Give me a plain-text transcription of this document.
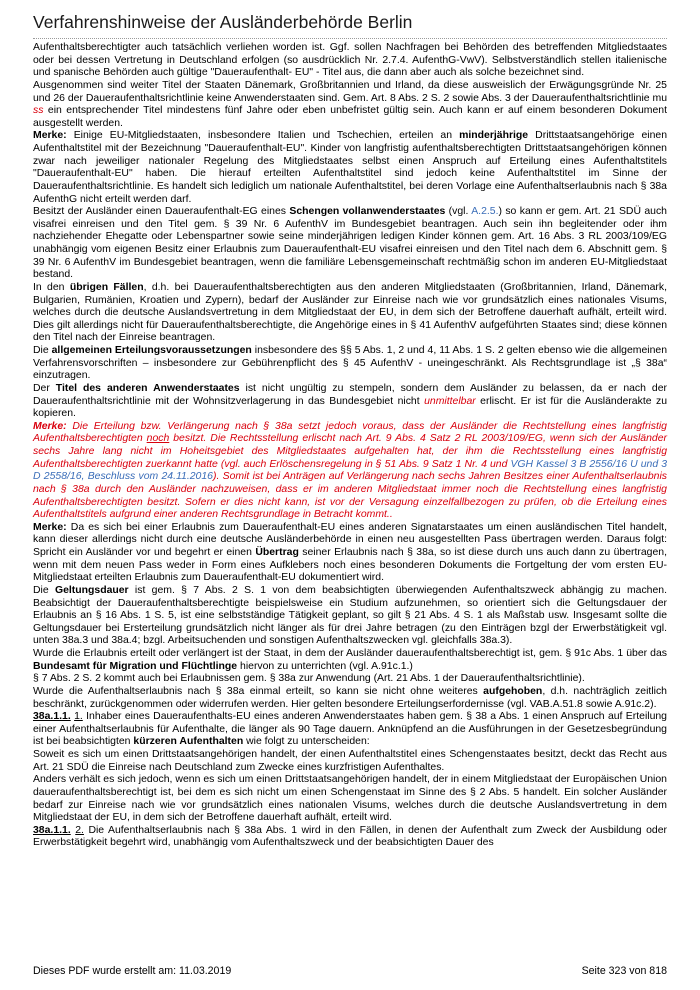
Verfahrenshinweise der Ausländerbehörde Berlin

Aufenthaltsberechtigter auch tatsächlich verliehen worden ist. Ggf. sollen Nachfragen bei Behörden des betreffenden Mitgliedstaates oder bei dessen Vertretung in Deutschland erfolgen (so ausdrücklich Nr. 2.7.4. AufenthG-VwV). Selbstverständlich stellen italienische und spanische Behörden auch gültige "Daueraufenthalt- EU" - Titel aus, die dann aber auch als solche bezeichnet sind.

Ausgenommen sind weiter Titel der Staaten Dänemark, Großbritannien und Irland, da diese ausweislich der Erwägungsgründe Nr. 25 und 26 der Daueraufenthaltsrichtlinie keine Anwenderstaaten sind. Gem. Art. 8 Abs. 2 S. 2 sowie Abs. 3 der Daueraufenthaltsrichtlinie mu ss ein entsprechender Titel mindestens fünf Jahre oder eben unbefristet gültig sein. Auch kann er auf einem besonderen Dokument ausgestellt werden.

Merke: Einige EU-Mitgliedstaaten, insbesondere Italien und Tschechien, erteilen an minderjährige Drittstaatsangehörige einen Aufenthaltstitel mit der Bezeichnung "Daueraufenthalt-EU". Kinder von langfristig aufenthaltsberechtigten Drittstaatsangehörigen können zwar nach jeweiliger nationaler Regelung des Mitgliedstaates selbst einen Anspruch auf Erteilung eines Aufenthaltstitels "Daueraufenthalt-EU" haben. Die hierauf erteilten Aufenthaltstitel sind jedoch keine Aufenthaltstitel im Sinne der Daueraufenthaltsrichtlinie. Es handelt sich lediglich um nationale Aufenthaltstitel, bei deren Vorlage eine Aufenthaltserlaubnis nach § 38a AufenthG nicht erteilt werden darf.

Besitzt der Ausländer einen Daueraufenthalt-EG eines Schengen vollanwenderstaates (vgl. A.2.5.) so kann er gem. Art. 21 SDÜ auch visafrei einreisen und den Titel gem. § 39 Nr. 6 AufenthV im Bundesgebiet beantragen. Auch sein ihn begleitender oder ihm nachziehender Ehegatte oder Lebenspartner sowie seine minderjährigen ledigen Kinder können gem. Art. 16 Abs. 3 RL 2003/109/EG unabhängig vom eigenen Besitz einer Erlaubnis zum Daueraufenthalt-EU visafrei einreisen und den Titel nach dem 6. Abschnitt gem. § 39 Nr. 6 AufenthV im Bundesgebiet beantragen, wenn die familiäre Lebensgemeinschaft rechtmäßig schon im anderen EU-Mitgliedstaat bestand.

In den übrigen Fällen, d.h. bei Daueraufenthaltsberechtigten aus den anderen Mitgliedstaaten (Großbritannien, Irland, Dänemark, Bulgarien, Rumänien, Kroatien und Zypern), bedarf der Ausländer zur Einreise nach wie vor grundsätzlich eines nationales Visums, welches durch die deutsche Auslandsvertretung in dem Mitgliedstaat der EU, in dem sich der Betroffene dauerhaft aufhält, erteilt wird. Dies gilt allerdings nicht für Daueraufenthaltsberechtigte, die Angehörige eines in § 41 AufenthV aufgeführten Staates sind; diese können den Titel nach der Einreise beantragen.

Die allgemeinen Erteilungsvoraussetzungen insbesondere des §§ 5 Abs. 1, 2 und 4, 11 Abs. 1 S. 2 gelten ebenso wie die allgemeinen Verfahrensvorschriften – insbesondere zur Gebührenpflicht des § 45 AufenthV - uneingeschränkt. Als Rechtsgrundlage ist „§ 38a“ einzutragen.

Der Titel des anderen Anwenderstaates ist nicht ungültig zu stempeln, sondern dem Ausländer zu belassen, da er nach der Daueraufenthaltsrichtlinie mit der Wohnsitzverlagerung in das Bundesgebiet nicht unmittelbar erlischt. Er ist für die Ausländerakte zu kopieren.

Merke: Die Erteilung bzw. Verlängerung nach § 38a setzt jedoch voraus, dass der Ausländer die Rechtstellung eines langfristig Aufenthaltsberechtigten noch besitzt. Die Rechtsstellung erlischt nach Art. 9 Abs. 4 Satz 2 RL 2003/109/EG, wenn sich der Ausländer sechs Jahre lang nicht im Hoheitsgebiet des Mitgliedstaates aufgehalten hat, der ihm die Rechtsstellung eines langfristig Aufenthaltsberechtigten zuerkannt hatte (vgl. auch Erlöschensregelung in § 51 Abs. 9 Satz 1 Nr. 4 und VGH Kassel 3 B 2556/16 U und 3 D 2558/16, Beschluss vom 24.11.2016). Somit ist bei Anträgen auf Verlängerung nach sechs Jahren Besitzes einer Aufenthaltserlaubnis nach § 38a durch den Ausländer nachzuweisen, dass er im anderen Mitgliedstaat immer noch die Rechtstellung eines langfristig Aufenthaltsberechtigten besitzt. Sofern er dies nicht kann, ist vor der Versagung einzelfallbezogen zu prüfen, ob die Erteilung eines Aufenthaltstitels aufgrund einer anderen Rechtsgrundlage in Betracht kommt..

Merke: Da es sich bei einer Erlaubnis zum Daueraufenthalt-EU eines anderen Signatarstaates um einen ausländischen Titel handelt, kann dieser allerdings nicht durch eine deutsche Ausländerbehörde in einen neu ausgestellten Pass übertragen werden. Daraus folgt: Spricht ein Ausländer vor und begehrt er einen Übertrag seiner Erlaubnis nach § 38a, so ist diese durch uns auch dann zu übertragen, wenn mit dem neuen Pass weder in Form eines Aufklebers noch eines besonderen Dokuments die Fortgeltung der vom ersten EU-Mitgliedstaat erteilten Erlaubnis zum Daueraufenthalt-EU dokumentiert wird.

Die Geltungsdauer ist gem. § 7 Abs. 2 S. 1 von dem beabsichtigten überwiegenden Aufenthaltszweck abhängig zu machen. Beabsichtigt der Daueraufenthaltsberechtigte beispielsweise ein Studium aufzunehmen, so orientiert sich die Geltungsdauer der Erlaubnis an § 16 Abs. 1 S. 5, ist eine selbstständige Tätigkeit geplant, so gilt § 21 Abs. 4 S. 1 als Maßstab usw. Insgesamt sollte die Geltungsdauer bei Ersterteilung grundsätzlich nicht länger als für drei Jahre betragen (zu den Einträgen bzgl der Erwerbstätigkeit vgl. unten 38a.3 und 38a.4; bzgl. Arbeitsuchenden und sonstigen Aufenthaltszwecken vgl. gleichfalls 38a.3).

Wurde die Erlaubnis erteilt oder verlängert ist der Staat, in dem der Ausländer daueraufenthaltsberechtigt ist, gem. § 91c Abs. 1 über das Bundesamt für Migration und Flüchtlinge hiervon zu unterrichten (vgl. A.91c.1.)

§ 7 Abs. 2 S. 2 kommt auch bei Erlaubnissen gem. § 38a zur Anwendung (Art. 21 Abs. 1 der Daueraufenthaltsrichtlinie).

Wurde die Aufenthaltserlaubnis nach § 38a einmal erteilt, so kann sie nicht ohne weiteres aufgehoben, d.h. nachträglich zeitlich beschränkt, zurückgenommen oder widerrufen werden. Hier gelten besondere Erteilungserfordernisse (vgl. VAB.A.51.8 sowie A.91c.2).

38a.1.1. 1. Inhaber eines Daueraufenthalts-EU eines anderen Anwenderstaates haben gem. § 38 a Abs. 1 einen Anspruch auf Erteilung einer Aufenthaltserlaubnis für Aufenthalte, die länger als 90 Tage dauern. Anknüpfend an die Ausführungen in der Gesetzesbegründung ist bei beabsichtigten kürzeren Aufenthalten wie folgt zu unterscheiden:

Soweit es sich um einen Drittstaatsangehörigen handelt, der einen Aufenthaltstitel eines Schengenstaates besitzt, deckt das Recht aus Art. 21 SDÜ die Einreise nach Deutschland zum Zwecke eines kurzfristigen Aufenthaltes.

Anders verhält es sich jedoch, wenn es sich um einen Drittstaatsangehörigen handelt, der in einem Mitgliedstaat der Europäischen Union daueraufenthaltsberechtigt ist, bei dem es sich nicht um einen Schengenstaat im Sinne des § 2 Abs. 5 handelt. Ein solcher Ausländer bedarf zur Einreise nach wie vor grundsätzlich eines nationalen Visums, welches durch die deutsche Auslandsvertretung in dem Mitgliedstaat der EU, in dem sich der Betroffene dauerhaft aufhält, erteilt wird.

38a.1.1. 2. Die Aufenthaltserlaubnis nach § 38a Abs. 1 wird in den Fällen, in denen der Aufenthalt zum Zweck der Ausbildung oder Erwerbstätigkeit begehrt wird, unabhängig vom Aufenthaltszweck und der beabsichtigten Dauer des

Dieses PDF wurde erstellt am: 11.03.2019	Seite 323 von 818
